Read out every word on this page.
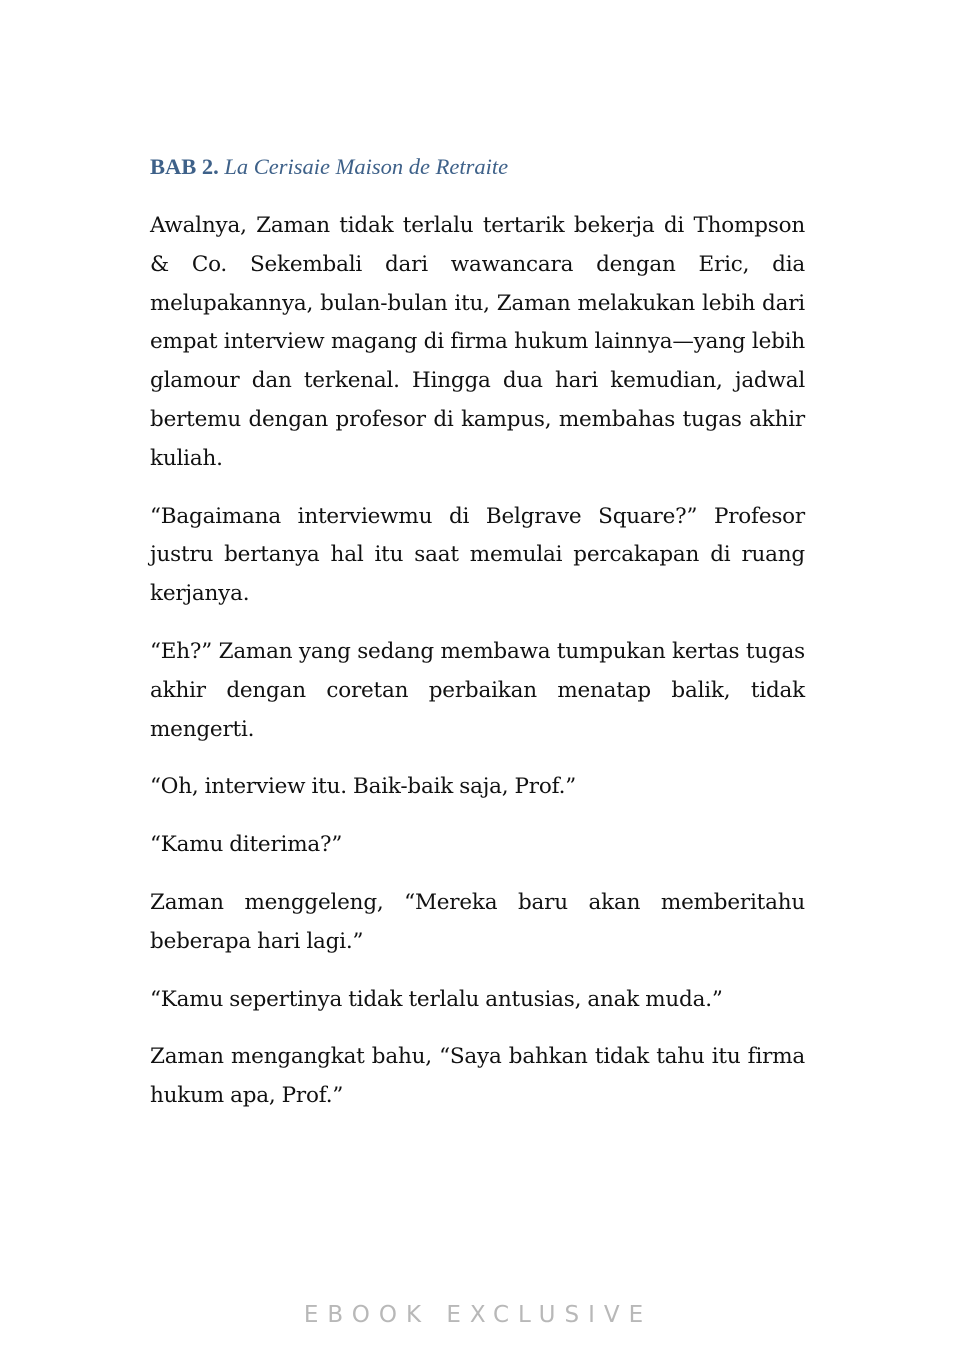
BAB 2. La Cerisaie Maison de Retraite

Awalnya, Zaman tidak terlalu tertarik bekerja di Thompson & Co. Sekembali dari wawancara dengan Eric, dia melupakannya, bulan-bulan itu, Zaman melakukan lebih dari empat interview magang di firma hukum lainnya—yang lebih glamour dan terkenal. Hingga dua hari kemudian, jadwal bertemu dengan profesor di kampus, membahas tugas akhir kuliah.

“Bagaimana interviewmu di Belgrave Square?” Profesor justru bertanya hal itu saat memulai percakapan di ruang kerjanya.

“Eh?” Zaman yang sedang membawa tumpukan kertas tugas akhir dengan coretan perbaikan menatap balik, tidak mengerti.

“Oh, interview itu. Baik-baik saja, Prof.”

“Kamu diterima?”

Zaman menggeleng, “Mereka baru akan memberitahu beberapa hari lagi.”

“Kamu sepertinya tidak terlalu antusias, anak muda.”

Zaman mengangkat bahu, “Saya bahkan tidak tahu itu firma hukum apa, Prof.”

EBOOK EXCLUSIVE
